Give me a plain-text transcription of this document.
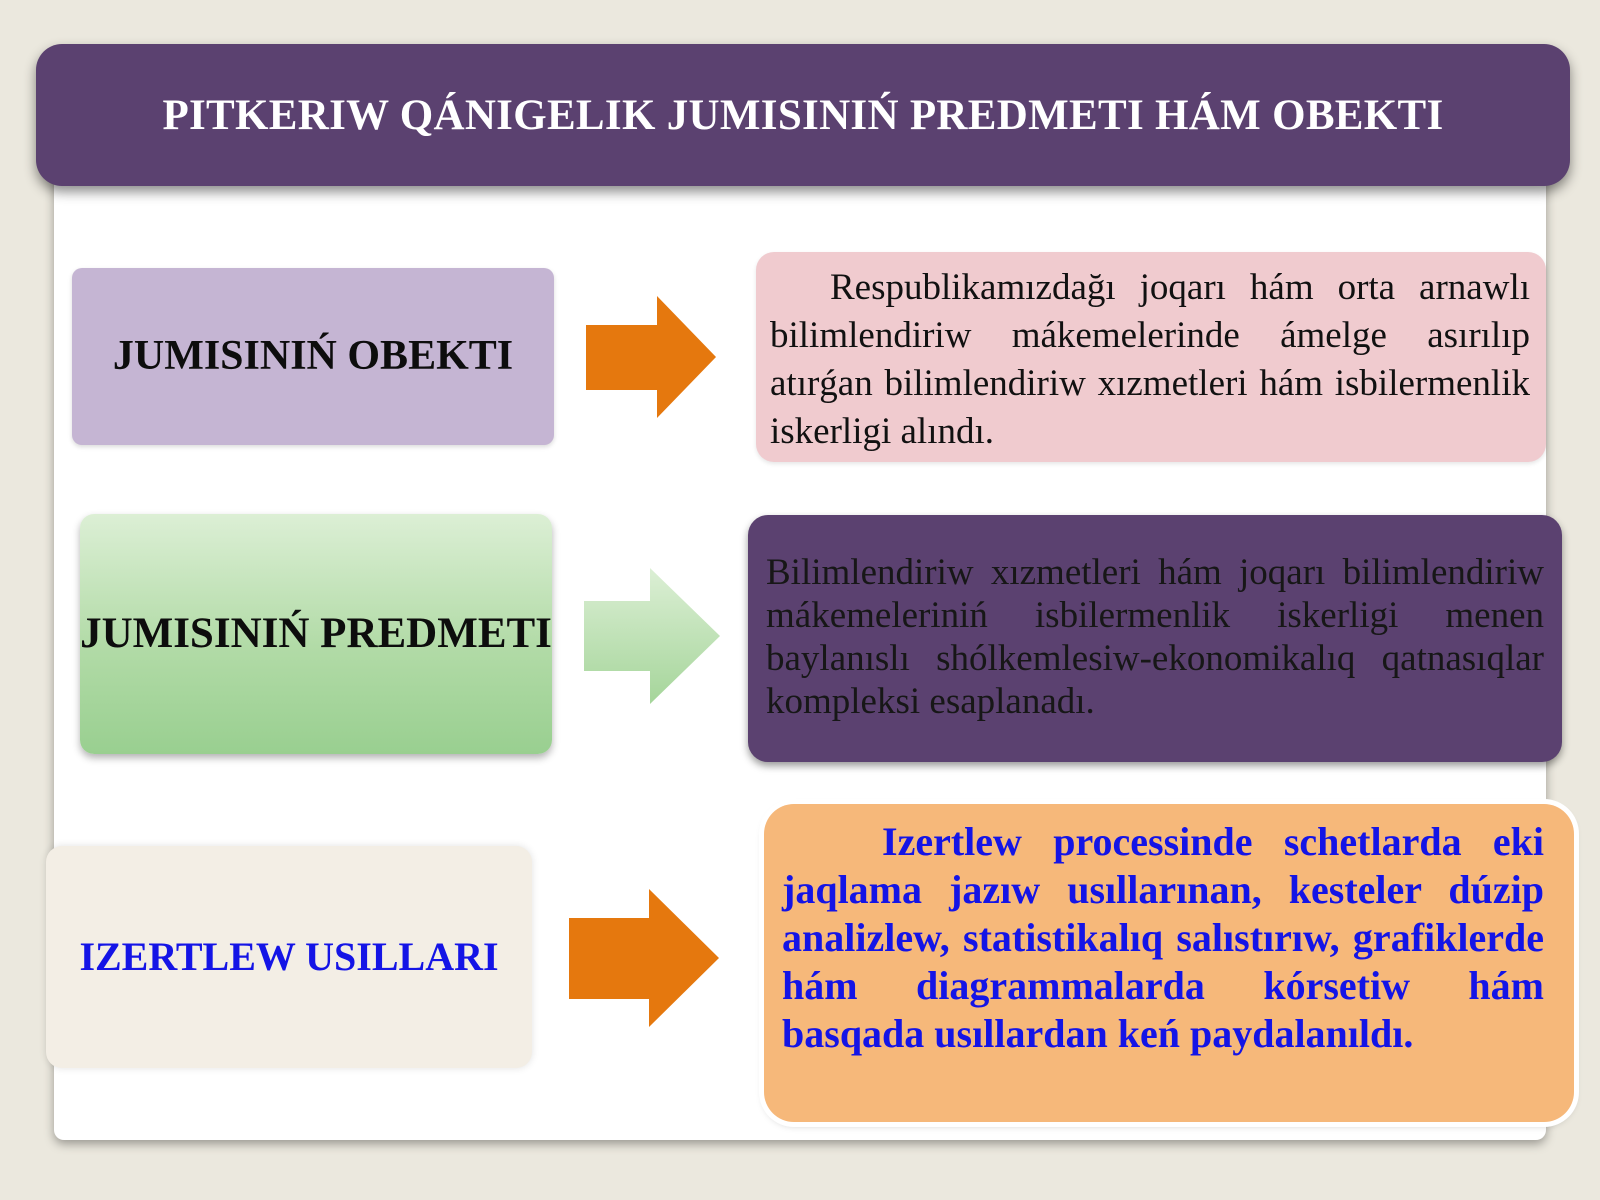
PITKERIW QÁNIGELIK JUMISINIŃ PREDMETI HÁM OBEKTI
JUMISINIŃ OBEKTI
Respublikamızdağı joqarı hám orta arnawlı bilimlendiriw mákemelerinde ámelge asırılıp atırǵan bilimlendiriw xızmetleri hám isbilermenlik iskerligi alındı.
JUMISINIŃ PREDMETI
Bilimlendiriw xızmetleri hám joqarı bilimlendiriw mákemeleriniń isbilermenlik iskerligi menen baylanıslı shólkemlesiw-ekonomikalıq qatnasıqlar kompleksi esaplanadı.
IZERTLEW USILLARI
Izertlew processinde schetlarda eki jaqlama jazıw usıllarınan, kesteler dúzip analizlew, statistikalıq salıstırıw, grafiklerde hám diagrammalarda kórsetiw hám basqada usıllardan keń paydalanıldı.
